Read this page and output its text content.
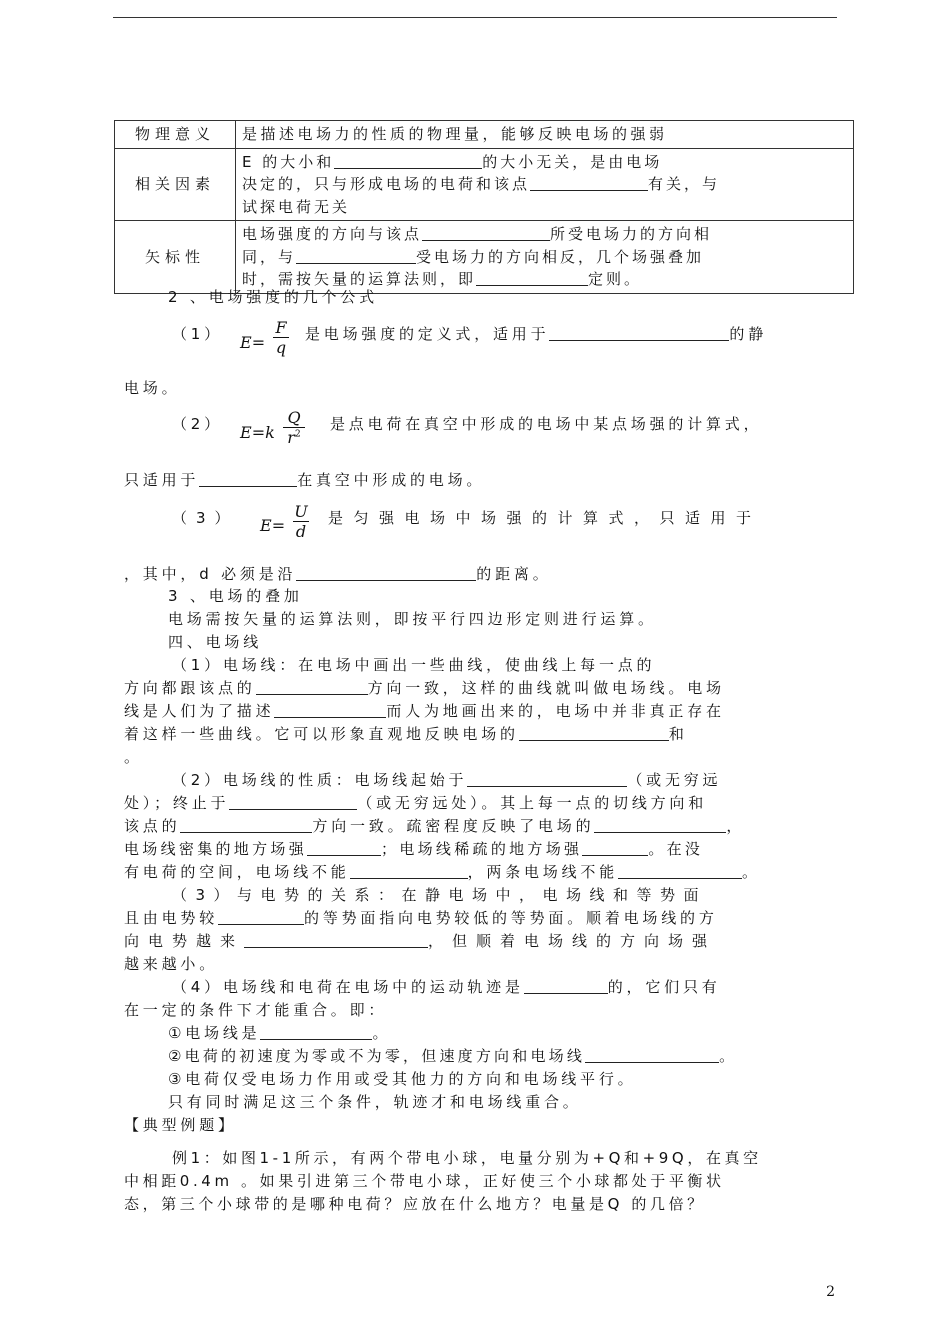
物理意义	是描述电场力的性质的物理量，能够反映电场的强弱
相关因素	E 的大小和 的大小无关，是由电场
决定的，只与形成电场的电荷和该点 有关，与
试探电荷无关
矢标性	电场强度的方向与该点 所受电场力的方向相
同，与 受电场力的方向相反，几个场强叠加
时，需按矢量的运算法则，即 定则。
2 、电场强度的几个公式
（1） E=
F
q
是电场强度的定义式，适用于	的静
电场。
（2） E=k
Q
$r^2$
是点电荷在真空中形成的电场中某点场强的计算式，
只适用于	在真空中形成的电场。
（3） E=
U
d
是匀强电场中场强的计算式，只适用于
，其中，d 必须是沿	的距离。
3 、电场的叠加
电场需按矢量的运算法则，即按平行四边形定则进行运算。
四、电场线
（1）电场线：在电场中画出一些曲线，使曲线上每一点的
方向都跟该点的	方向一致，这样的曲线就叫做电场线。电场
线是人们为了描述	而人为地画出来的，电场中并非真正存在
着这样一些曲线。它可以形象直观地反映电场的	和
。
（2）电场线的性质：电场线起始于	（或无穷远
处）；终止于	（或无穷远处）。其上每一点的切线方向和
该点的	方向一致。疏密程度反映了电场的	，
电场线密集的地方场强	；电场线稀疏的地方场强	。在没
有电荷的空间，电场线不能	，两条电场线不能	。
（3）与电势的关系：在静电场中，电场线和等势面
且由电势较	的等势面指向电势较低的等势面。顺着电场线的方
向电势越来	，但顺着电场线的方向场强
越来越小。
（4）电场线和电荷在电场中的运动轨迹是	的，它们只有
在一定的条件下才能重合。即：
①电场线是	。
②电荷的初速度为零或不为零，但速度方向和电场线	。
③电荷仅受电场力作用或受其他力的方向和电场线平行。
只有同时满足这三个条件，轨迹才和电场线重合。
【典型例题】
例1：如图1-1所示，有两个带电小球，电量分别为+Q和+9Q，在真空
中相距0.4m 。如果引进第三个带电小球，正好使三个小球都处于平衡状
态，第三个小球带的是哪种电荷？应放在什么地方？电量是Q 的几倍？
2
